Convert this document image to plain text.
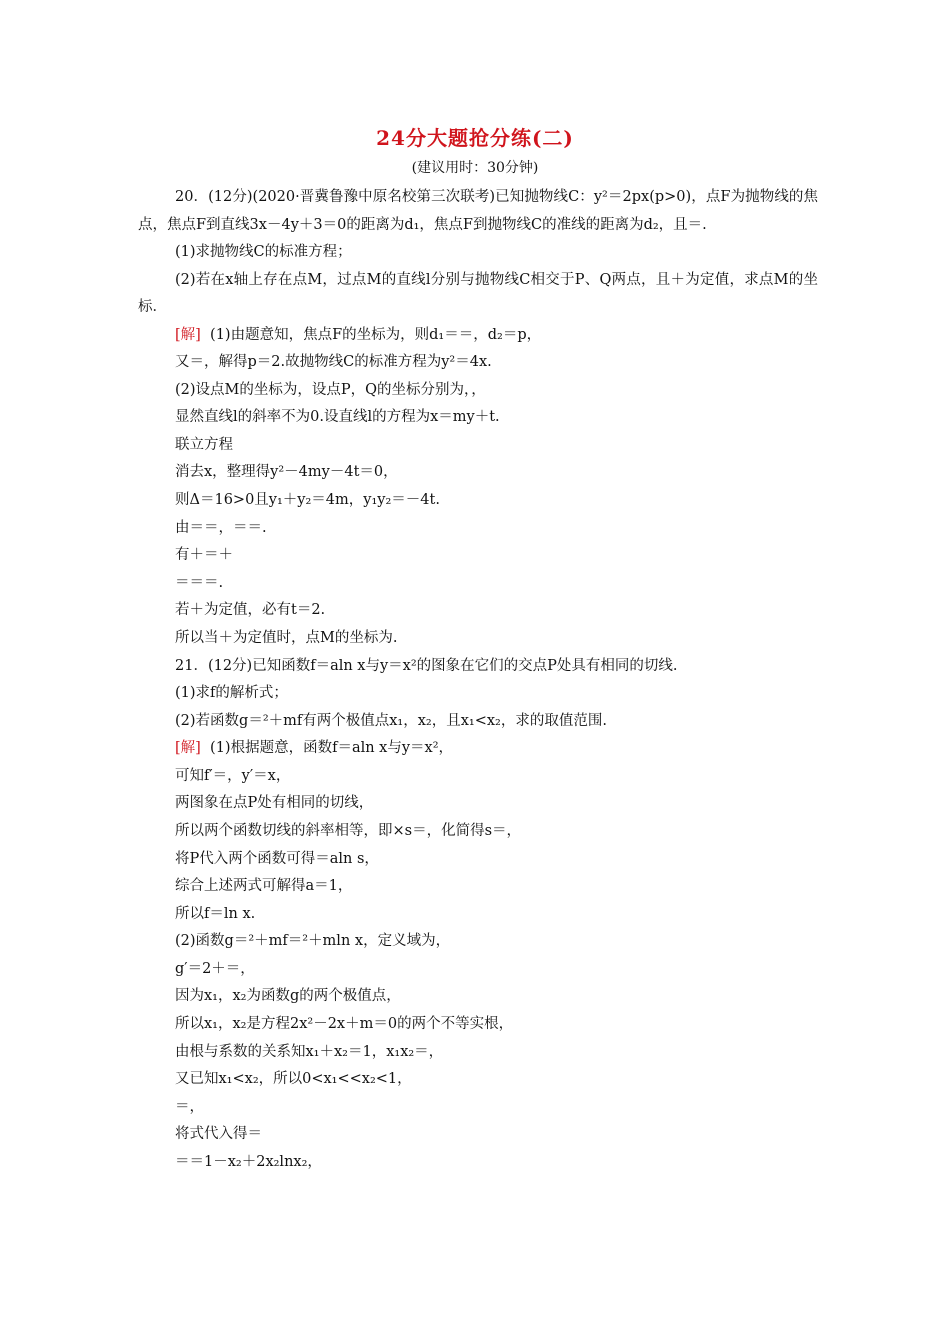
24分大题抢分练(二)
(建议用时：30分钟)
20．(12分)(2020·晋冀鲁豫中原名校第三次联考)已知抛物线C：y²＝2px(p>0)，点F为抛物线的焦点，焦点F到直线3x－4y＋3＝0的距离为d₁，焦点F到抛物线C的准线的距离为d₂，且＝.
(1)求抛物线C的标准方程；
(2)若在x轴上存在点M，过点M的直线l分别与抛物线C相交于P、Q两点，且＋为定值，求点M的坐标．
[解] (1)由题意知，焦点F的坐标为，则d₁＝＝，d₂＝p，
又＝，解得p＝2.故抛物线C的标准方程为y²＝4x.
(2)设点M的坐标为，设点P，Q的坐标分别为，，
显然直线l的斜率不为0.设直线l的方程为x＝my＋t.
联立方程
消去x，整理得y²－4my－4t＝0，
则Δ＝16>0且y₁＋y₂＝4m，y₁y₂＝－4t.
由＝＝，＝＝.
有＋＝＋
＝＝＝.
若＋为定值，必有t＝2.
所以当＋为定值时，点M的坐标为.
21．(12分)已知函数f＝aln x与y＝x²的图象在它们的交点P处具有相同的切线.
(1)求f的解析式；
(2)若函数g＝²＋mf有两个极值点x₁，x₂，且x₁<x₂，求的取值范围.
[解] (1)根据题意，函数f＝aln x与y＝x²，
可知f′＝，y′＝x，
两图象在点P处有相同的切线，
所以两个函数切线的斜率相等，即×s＝，化简得s＝，
将P代入两个函数可得＝aln s，
综合上述两式可解得a＝1，
所以f＝ln x.
(2)函数g＝²＋mf＝²＋mln x，定义域为，
g′＝2＋＝，
因为x₁，x₂为函数g的两个极值点，
所以x₁，x₂是方程2x²－2x＋m＝0的两个不等实根，
由根与系数的关系知x₁＋x₂＝1，x₁x₂＝，
又已知x₁<x₂，所以0<x₁<<x₂<1，
＝，
将式代入得＝
＝＝1－x₂＋2x₂lnx₂，
